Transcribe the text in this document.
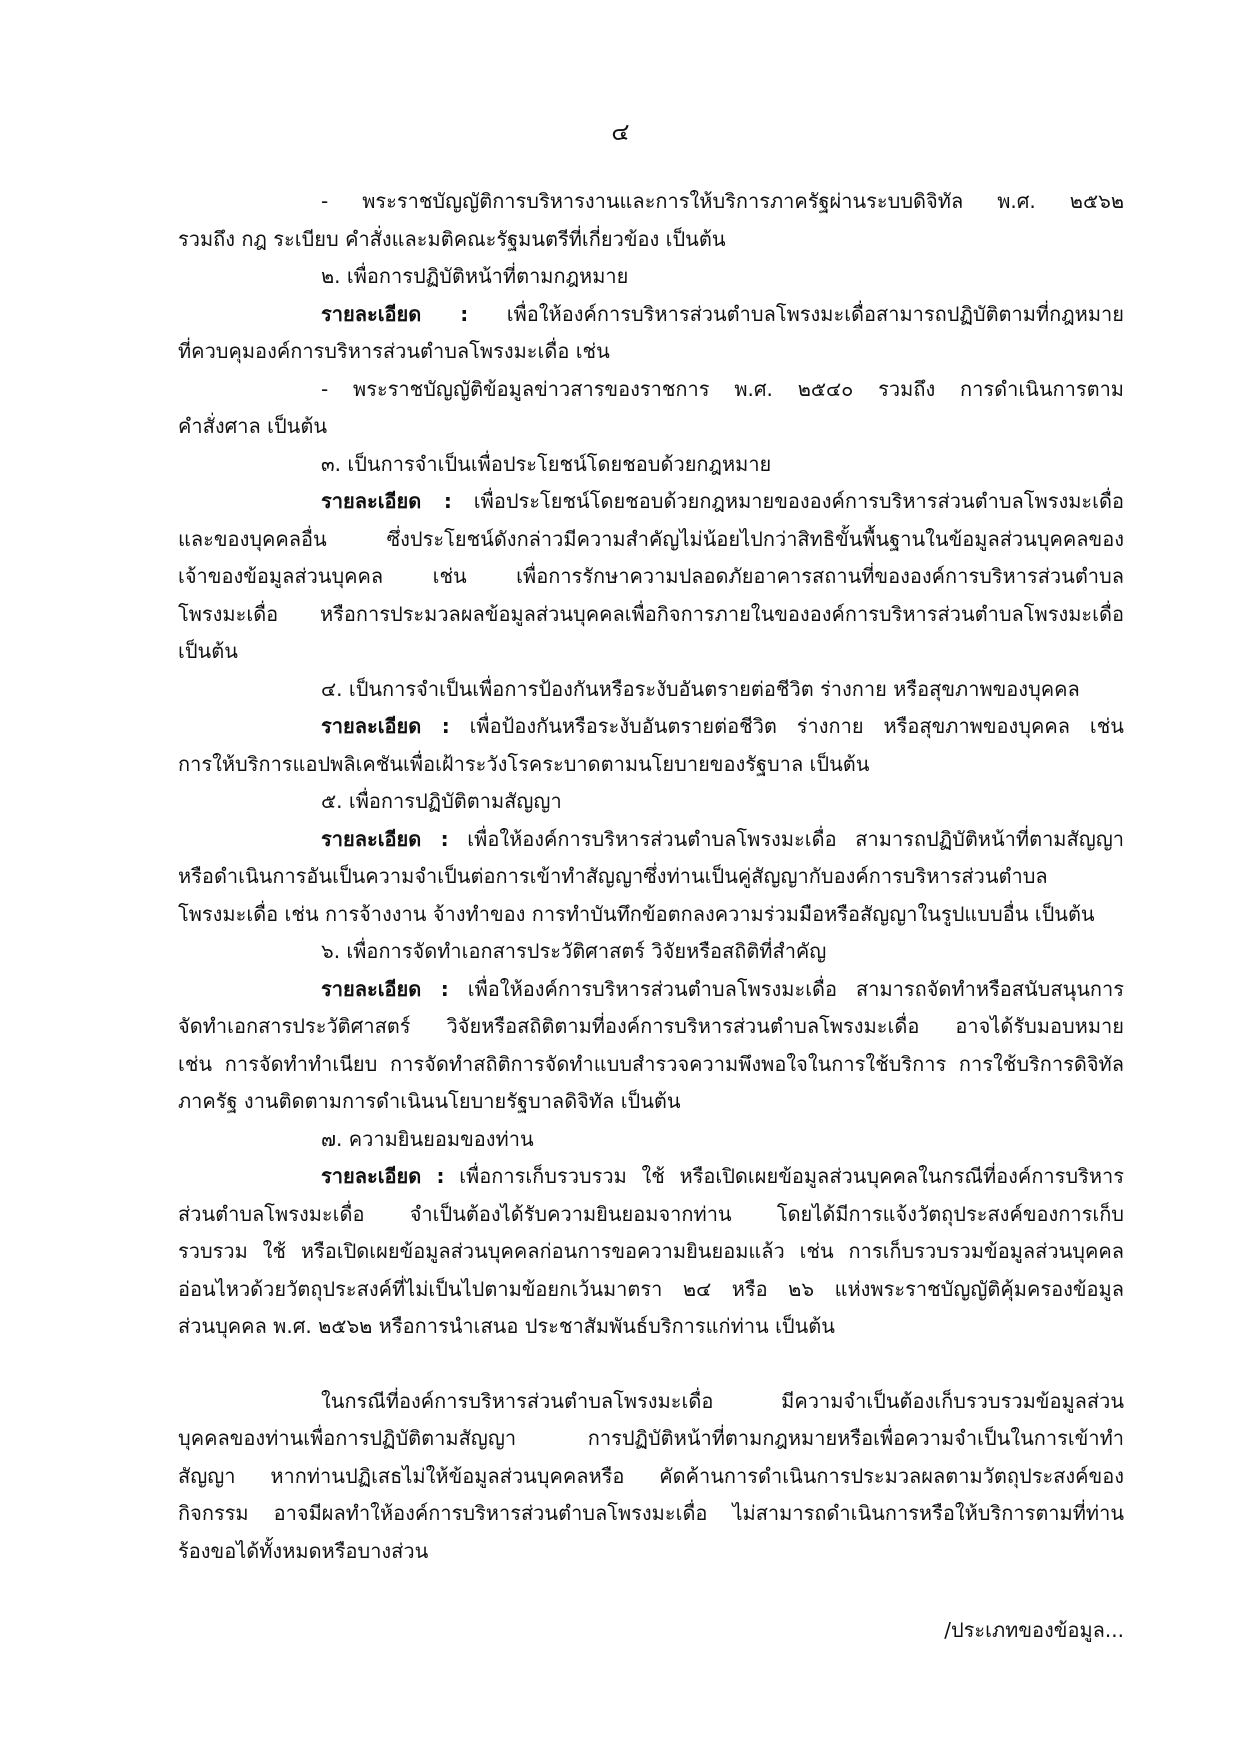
๔
- พระราชบัญญัติการบริหารงานและการให้บริการภาครัฐผ่านระบบดิจิทัล พ.ศ. ๒๕๖๒
รวมถึง กฎ ระเบียบ คำสั่งและมติคณะรัฐมนตรีที่เกี่ยวข้อง เป็นต้น
๒. เพื่อการปฏิบัติหน้าที่ตามกฎหมาย
รายละเอียด : เพื่อให้องค์การบริหารส่วนตำบลโพรงมะเดื่อสามารถปฏิบัติตามที่กฎหมาย
ที่ควบคุมองค์การบริหารส่วนตำบลโพรงมะเดื่อ เช่น
- พระราชบัญญัติข้อมูลข่าวสารของราชการ พ.ศ. ๒๕๔๐ รวมถึง การดำเนินการตาม
คำสั่งศาล เป็นต้น
๓. เป็นการจำเป็นเพื่อประโยชน์โดยชอบด้วยกฎหมาย
รายละเอียด : เพื่อประโยชน์โดยชอบด้วยกฎหมายขององค์การบริหารส่วนตำบลโพรงมะเดื่อ
และของบุคคลอื่น ซึ่งประโยชน์ดังกล่าวมีความสำคัญไม่น้อยไปกว่าสิทธิขั้นพื้นฐานในข้อมูลส่วนบุคคลของ
เจ้าของข้อมูลส่วนบุคคล เช่น เพื่อการรักษาความปลอดภัยอาคารสถานที่ขององค์การบริหารส่วนตำบล
โพรงมะเดื่อ หรือการประมวลผลข้อมูลส่วนบุคคลเพื่อกิจการภายในขององค์การบริหารส่วนตำบลโพรงมะเดื่อ
เป็นต้น
๔. เป็นการจำเป็นเพื่อการป้องกันหรือระงับอันตรายต่อชีวิต ร่างกาย หรือสุขภาพของบุคคล
รายละเอียด : เพื่อป้องกันหรือระงับอันตรายต่อชีวิต ร่างกาย หรือสุขภาพของบุคคล เช่น
การให้บริการแอปพลิเคชันเพื่อเฝ้าระวังโรคระบาดตามนโยบายของรัฐบาล เป็นต้น
๕. เพื่อการปฏิบัติตามสัญญา
รายละเอียด : เพื่อให้องค์การบริหารส่วนตำบลโพรงมะเดื่อ สามารถปฏิบัติหน้าที่ตามสัญญา
หรือดำเนินการอันเป็นความจำเป็นต่อการเข้าทำสัญญาซึ่งท่านเป็นคู่สัญญากับองค์การบริหารส่วนตำบล
โพรงมะเดื่อ เช่น การจ้างงาน จ้างทำของ การทำบันทึกข้อตกลงความร่วมมือหรือสัญญาในรูปแบบอื่น เป็นต้น
๖. เพื่อการจัดทำเอกสารประวัติศาสตร์ วิจัยหรือสถิติที่สำคัญ
รายละเอียด : เพื่อให้องค์การบริหารส่วนตำบลโพรงมะเดื่อ สามารถจัดทำหรือสนับสนุนการ
จัดทำเอกสารประวัติศาสตร์ วิจัยหรือสถิติตามที่องค์การบริหารส่วนตำบลโพรงมะเดื่อ อาจได้รับมอบหมาย
เช่น การจัดทำทำเนียบ การจัดทำสถิติการจัดทำแบบสำรวจความพึงพอใจในการใช้บริการ การใช้บริการดิจิทัล
ภาครัฐ งานติดตามการดำเนินนโยบายรัฐบาลดิจิทัล เป็นต้น
๗. ความยินยอมของท่าน
รายละเอียด : เพื่อการเก็บรวบรวม ใช้ หรือเปิดเผยข้อมูลส่วนบุคคลในกรณีที่องค์การบริหาร
ส่วนตำบลโพรงมะเดื่อ จำเป็นต้องได้รับความยินยอมจากท่าน โดยได้มีการแจ้งวัตถุประสงค์ของการเก็บ
รวบรวม ใช้ หรือเปิดเผยข้อมูลส่วนบุคคลก่อนการขอความยินยอมแล้ว เช่น การเก็บรวบรวมข้อมูลส่วนบุคคล
อ่อนไหวด้วยวัตถุประสงค์ที่ไม่เป็นไปตามข้อยกเว้นมาตรา ๒๔ หรือ ๒๖ แห่งพระราชบัญญัติคุ้มครองข้อมูล
ส่วนบุคคล พ.ศ. ๒๕๖๒ หรือการนำเสนอ ประชาสัมพันธ์บริการแก่ท่าน เป็นต้น
ในกรณีที่องค์การบริหารส่วนตำบลโพรงมะเดื่อ มีความจำเป็นต้องเก็บรวบรวมข้อมูลส่วน
บุคคลของท่านเพื่อการปฏิบัติตามสัญญา การปฏิบัติหน้าที่ตามกฎหมายหรือเพื่อความจำเป็นในการเข้าทำ
สัญญา หากท่านปฏิเสธไม่ให้ข้อมูลส่วนบุคคลหรือ คัดค้านการดำเนินการประมวลผลตามวัตถุประสงค์ของ
กิจกรรม อาจมีผลทำให้องค์การบริหารส่วนตำบลโพรงมะเดื่อ ไม่สามารถดำเนินการหรือให้บริการตามที่ท่าน
ร้องขอได้ทั้งหมดหรือบางส่วน
/ประเภทของข้อมูล...
